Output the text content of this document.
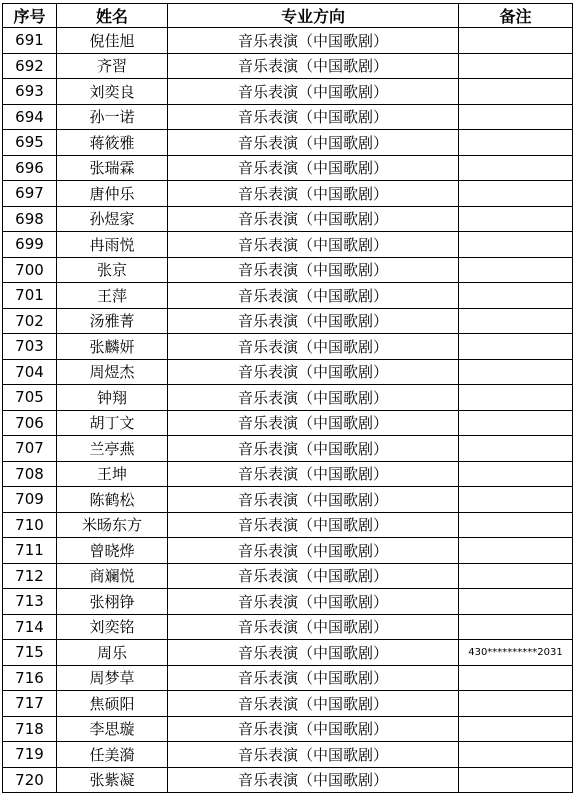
序号	姓名	专业方向	备注
691	倪佳旭	音乐表演（中国歌剧）	
692	齐習	音乐表演（中国歌剧）	
693	刘奕良	音乐表演（中国歌剧）	
694	孙一诺	音乐表演（中国歌剧）	
695	蒋筱雅	音乐表演（中国歌剧）	
696	张瑞霖	音乐表演（中国歌剧）	
697	唐仲乐	音乐表演（中国歌剧）	
698	孙煜家	音乐表演（中国歌剧）	
699	冉雨悦	音乐表演（中国歌剧）	
700	张京	音乐表演（中国歌剧）	
701	王萍	音乐表演（中国歌剧）	
702	汤雅菁	音乐表演（中国歌剧）	
703	张麟妍	音乐表演（中国歌剧）	
704	周煜杰	音乐表演（中国歌剧）	
705	钟翔	音乐表演（中国歌剧）	
706	胡丁文	音乐表演（中国歌剧）	
707	兰亭燕	音乐表演（中国歌剧）	
708	王坤	音乐表演（中国歌剧）	
709	陈鹤松	音乐表演（中国歌剧）	
710	米旸东方	音乐表演（中国歌剧）	
711	曾晓烨	音乐表演（中国歌剧）	
712	商斓悦	音乐表演（中国歌剧）	
713	张栩铮	音乐表演（中国歌剧）	
714	刘奕铭	音乐表演（中国歌剧）	
715	周乐	音乐表演（中国歌剧）	430**********2031
716	周梦草	音乐表演（中国歌剧）	
717	焦硕阳	音乐表演（中国歌剧）	
718	李思璇	音乐表演（中国歌剧）	
719	任美漪	音乐表演（中国歌剧）	
720	张紫凝	音乐表演（中国歌剧）	
